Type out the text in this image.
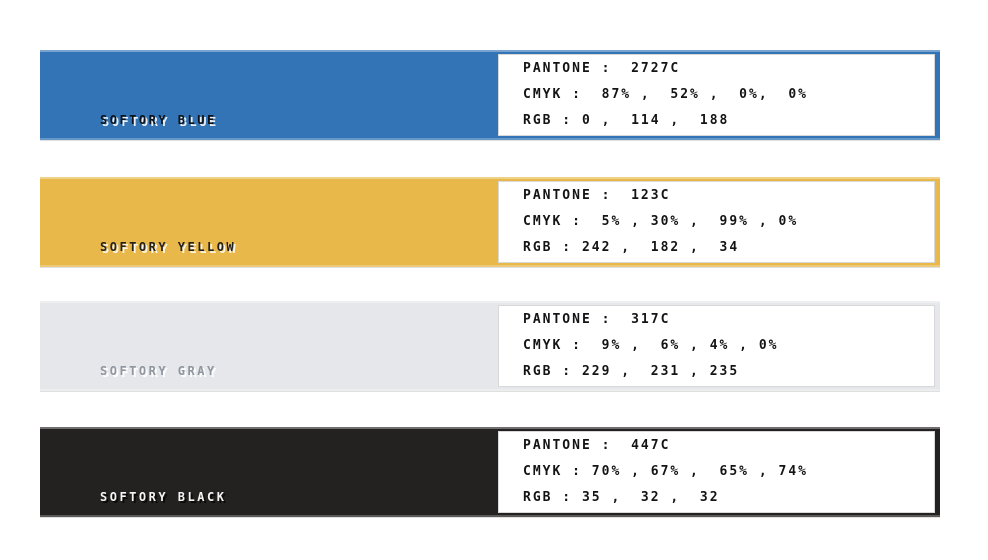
SOFTORY BLUE
PANTONE :  2727C
CMYK :  87% ,  52% ,  0%,  0%
RGB : 0 ,  114 ,  188
SOFTORY YELLOW
PANTONE :  123C
CMYK :  5% , 30% ,  99% , 0%
RGB : 242 ,  182 ,  34
SOFTORY GRAY
PANTONE :  317C
CMYK :  9% ,  6% , 4% , 0%
RGB : 229 ,  231 , 235
SOFTORY BLACK
PANTONE :  447C
CMYK : 70% , 67% ,  65% , 74%
RGB : 35 ,  32 ,  32
